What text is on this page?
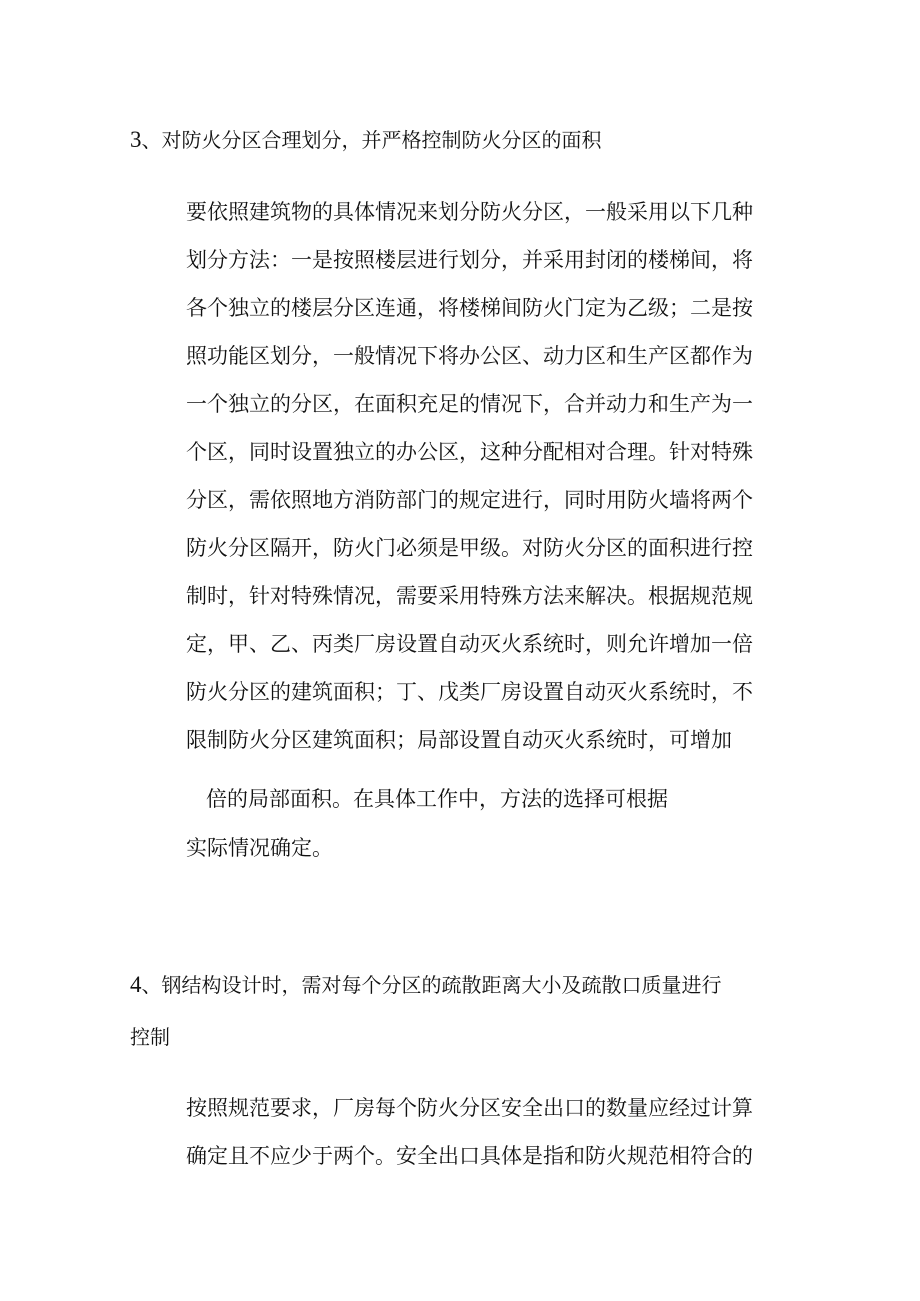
3、对防火分区合理划分，并严格控制防火分区的面积

要依照建筑物的具体情况来划分防火分区，一般采用以下几种

划分方法：一是按照楼层进行划分，并采用封闭的楼梯间，将

各个独立的楼层分区连通，将楼梯间防火门定为乙级；二是按

照功能区划分，一般情况下将办公区、动力区和生产区都作为

一个独立的分区，在面积充足的情况下，合并动力和生产为一

个区，同时设置独立的办公区，这种分配相对合理。针对特殊

分区，需依照地方消防部门的规定进行，同时用防火墙将两个

防火分区隔开，防火门必须是甲级。对防火分区的面积进行控

制时，针对特殊情况，需要采用特殊方法来解决。根据规范规

定，甲、乙、丙类厂房设置自动灭火系统时，则允许增加一倍

防火分区的建筑面积；丁、戊类厂房设置自动灭火系统时，不

限制防火分区建筑面积；局部设置自动灭火系统时，可增加

倍的局部面积。在具体工作中，方法的选择可根据

实际情况确定。

4、钢结构设计时，需对每个分区的疏散距离大小及疏散口质量进行
控制

按照规范要求，厂房每个防火分区安全出口的数量应经过计算

确定且不应少于两个。安全出口具体是指和防火规范相符合的
